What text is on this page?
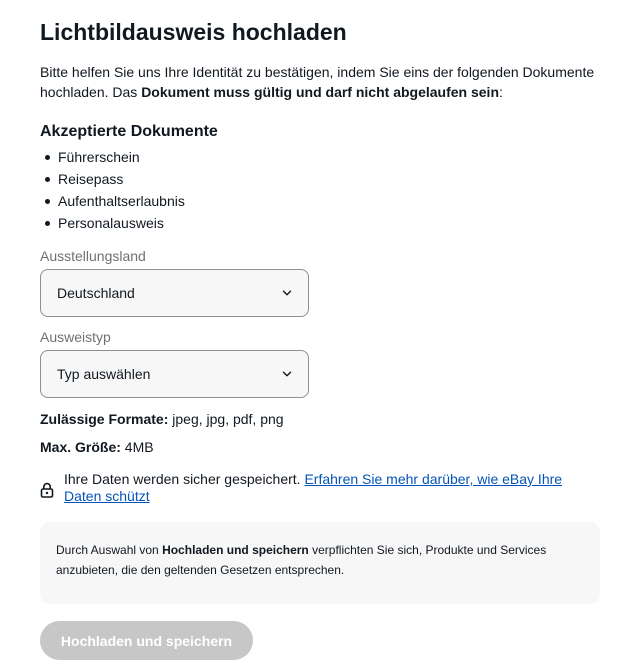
Lichtbildausweis hochladen

Bitte helfen Sie uns Ihre Identität zu bestätigen, indem Sie eins der folgenden Dokumente hochladen. Das Dokument muss gültig und darf nicht abgelaufen sein:

Akzeptierte Dokumente
Führerschein
Reisepass
Aufenthaltserlaubnis
Personalausweis
Ausstellungsland
Deutschland
Ausweistyp
Typ auswählen
Zulässige Formate: jpeg, jpg, pdf, png
Max. Größe: 4MB
Ihre Daten werden sicher gespeichert. Erfahren Sie mehr darüber, wie eBay Ihre Daten schützt
Durch Auswahl von Hochladen und speichern verpflichten Sie sich, Produkte und Services anzubieten, die den geltenden Gesetzen entsprechen.
Hochladen und speichern
